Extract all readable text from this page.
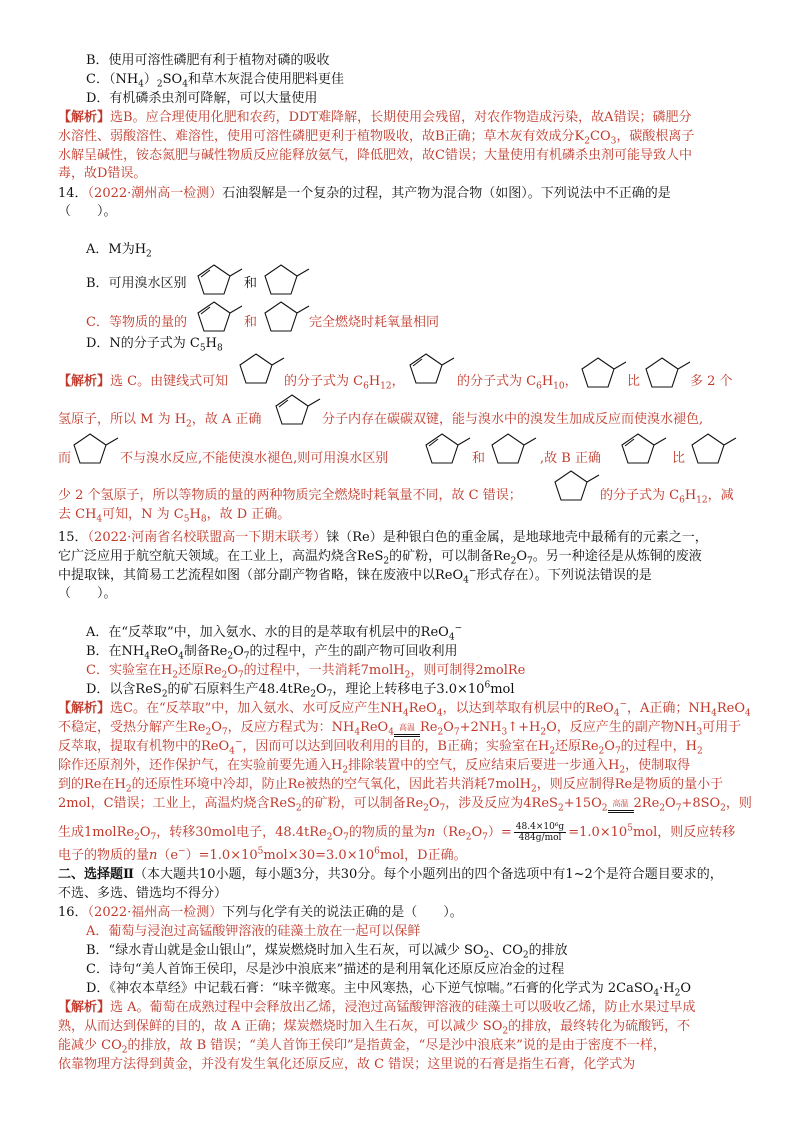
B．使用可溶性磷肥有利于植物对磷的吸收
C．$(NH_4)_2SO_4$和草木灰混合使用肥料更佳
D．有机磷杀虫剂可降解，可以大量使用
【解析】选B。应合理使用化肥和农药，DDT难降解，长期使用会残留，对农作物造成污染，故A错误；磷肥分
水溶性、弱酸溶性、难溶性，使用可溶性磷肥更利于植物吸收，故B正确；草木灰有效成分$K_2CO_3$，碳酸根离子
水解呈碱性，铵态氮肥与碱性物质反应能释放氨气，降低肥效，故C错误；大量使用有机磷杀虫剂可能导致人中
毒，故D错误。
14．（2022·潮州高一检测）石油裂解是一个复杂的过程，其产物为混合物（如图）。下列说法中不正确的是
（　　）。
A．M为$H_2$
B．可用溴水区别	和
C．等物质的量的	和	完全燃烧时耗氧量相同
D．N的分子式为 $C_5H_8$
【解析】选 C。由键线式可知	的分子式为 $C_6H_{12}$，	的分子式为 $C_6H_{10}$，	比	多 2 个
氢原子，所以 M 为 $H_2$，故 A 正确	分子内存在碳碳双键，能与溴水中的溴发生加成反应而使溴水褪色,
而	不与溴水反应,不能使溴水褪色,则可用溴水区别	和	,故 B 正确	比
少 2 个氢原子，所以等物质的量的两种物质完全燃烧时耗氧量不同，故 C 错误；	的分子式为 $C_6H_{12}$，减
去 $CH_4$可知，N 为 $C_5H_8$，故 D 正确。
15．（2022·河南省名校联盟高一下期末联考）铼（Re）是种银白色的重金属，是地球地壳中最稀有的元素之一，
它广泛应用于航空航天领域。在工业上，高温灼烧含ReS$_2$的矿粉，可以制备$Re_2O_7$。另一种途径是从炼铜的废液
中提取铼，其简易工艺流程如图（部分副产物省略，铼在废液中以ReO$_4$−形式存在）。下列说法错误的是
（　　）。
A．在“反萃取”中，加入氨水、水的目的是萃取有机层中的ReO$_4$−
B．在$NH_4ReO_4$制备$Re_2O_7$的过程中，产生的副产物可回收利用
C．实验室在$H_2$还原$Re_2O_7$的过程中，一共消耗7molH$_2$，则可制得2molRe
D．以含ReS$_2$的矿石原料生产$48.4tRe_2O_7$，理论上转移电子$3.0\times 10^6mol$
【解析】选C。在“反萃取”中，加入氨水、水可反应产生$NH_4ReO_4$，以达到萃取有机层中的ReO$_4$−，A正确；$NH_4ReO_4$
不稳定，受热分解产生$Re_2O_7$，反应方程式为：$NH_4ReO_4$高温 $Re_2O_7+2NH_3↑+H_2O$，反应产生的副产物$NH_3$可用于
反萃取，提取有机物中的ReO$_4$−，因而可以达到回收利用的目的，B正确；实验室在$H_2$还原$Re_2O_7$的过程中，$H_2$
除作还原剂外，还作保护气，在实验前要先通入$H_2$排除装置中的空气，反应结束后要进一步通入$H_2$，使制取得
到的Re在$H_2$的还原性环境中冷却，防止Re被热的空气氧化，因此若共消耗7molH$_2$，则反应制得Re是物质的量小于
2mol，C错误；工业上，高温灼烧含ReS$_2$的矿粉，可以制备$Re_2O_7$，涉及反应为$4ReS_2+15O_2$高温 $2Re_2O_7+8SO_2$，则
生成$1molRe_2O_7$，转移30mol电子，$48.4tRe_2O_7$的物质的量为$n(Re_2O_7)= \frac{\text{48.4×10⁶g}}{\text{484g/mol}} =1.0\times 10^5mol$，则反应转移
电子的物质的量$n(e^-)=1.0\times 10^5mol\times 30=3.0\times 10^6mol$，D正确。
二、选择题Ⅱ（本大题共10小题，每小题3分，共30分。每个小题列出的四个备选项中有1~2个是符合题目要求的，
不选、多选、错选均不得分）
16．（2022·福州高一检测）下列与化学有关的说法正确的是（　　）。
A．葡萄与浸泡过高锰酸钾溶液的硅藻土放在一起可以保鲜
B．“绿水青山就是金山银山”，煤炭燃烧时加入生石灰，可以减少 $SO_2$、$CO_2$的排放
C．诗句“美人首饰王侯印，尽是沙中浪底来”描述的是利用氧化还原反应冶金的过程
D．《神农本草经》中记载石膏：“味辛微寒。主中风寒热，心下逆气惊喘。”石膏的化学式为 $2CaSO_4\cdot H_2O$
【解析】选 A。葡萄在成熟过程中会释放出乙烯，浸泡过高锰酸钾溶液的硅藻土可以吸收乙烯，防止水果过早成
熟，从而达到保鲜的目的，故 A 正确；煤炭燃烧时加入生石灰，可以减少 $SO_2$的排放，最终转化为硫酸钙，不
能减少 $CO_2$的排放，故 B 错误；“美人首饰王侯印”是指黄金，“尽是沙中浪底来”说的是由于密度不一样，
依靠物理方法得到黄金，并没有发生氧化还原反应，故 C 错误；这里说的石膏是指生石膏，化学式为
